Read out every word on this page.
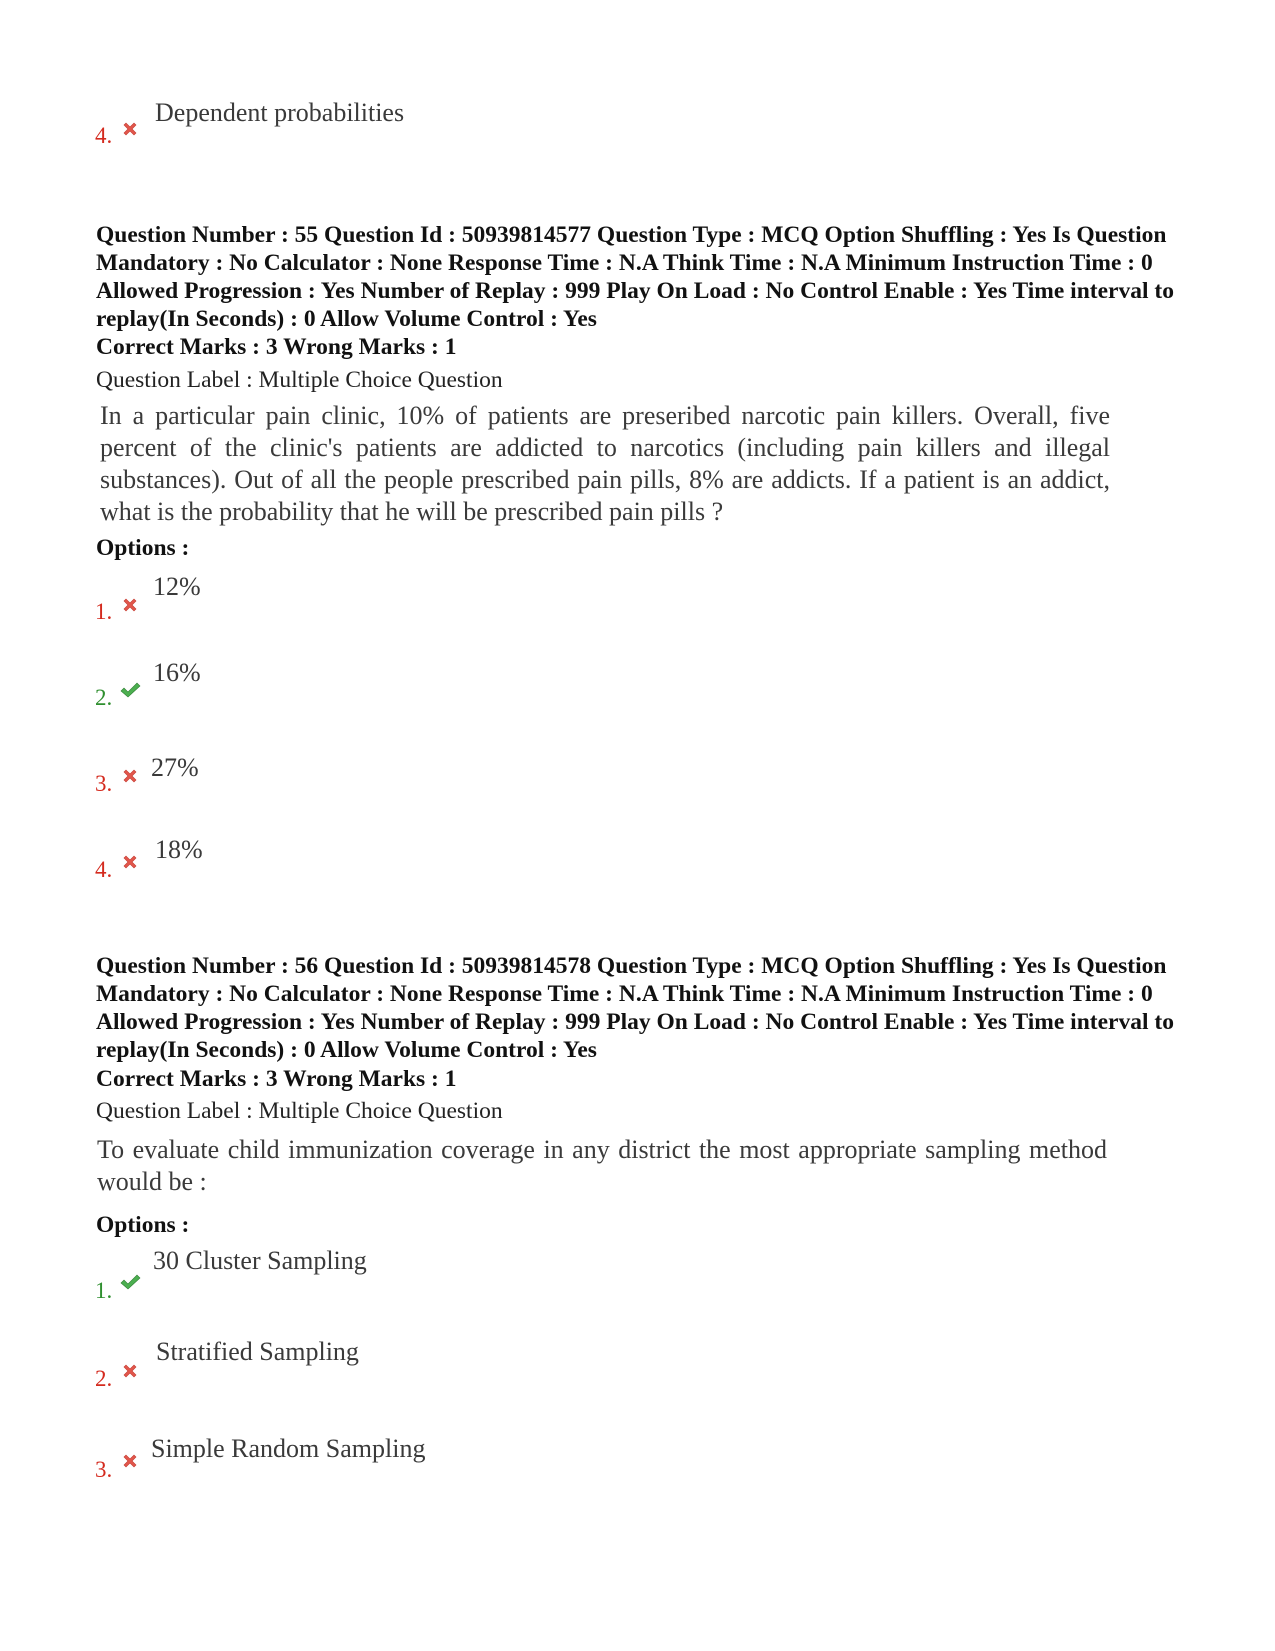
4.
Dependent probabilities
Question Number : 55 Question Id : 50939814577 Question Type : MCQ Option Shuffling : Yes Is Question Mandatory : No Calculator : None Response Time : N.A Think Time : N.A Minimum Instruction Time : 0 Allowed Progression : Yes Number of Replay : 999 Play On Load : No Control Enable : Yes Time interval to replay(In Seconds) : 0 Allow Volume Control : Yes
Correct Marks : 3 Wrong Marks : 1
Question Label : Multiple Choice Question
In a particular pain clinic, 10% of patients are preseribed narcotic pain killers. Overall, five percent of the clinic's patients are addicted to narcotics (including pain killers and illegal substances). Out of all the people prescribed pain pills, 8% are addicts. If a patient is an addict, what is the probability that he will be prescribed pain pills ?
Options :
1.
12%
2.
16%
3.
27%
4.
18%
Question Number : 56 Question Id : 50939814578 Question Type : MCQ Option Shuffling : Yes Is Question Mandatory : No Calculator : None Response Time : N.A Think Time : N.A Minimum Instruction Time : 0 Allowed Progression : Yes Number of Replay : 999 Play On Load : No Control Enable : Yes Time interval to replay(In Seconds) : 0 Allow Volume Control : Yes
Correct Marks : 3 Wrong Marks : 1
Question Label : Multiple Choice Question
To evaluate child immunization coverage in any district the most appropriate sampling method would be :
Options :
1.
30 Cluster Sampling
2.
Stratified Sampling
3.
Simple Random Sampling
